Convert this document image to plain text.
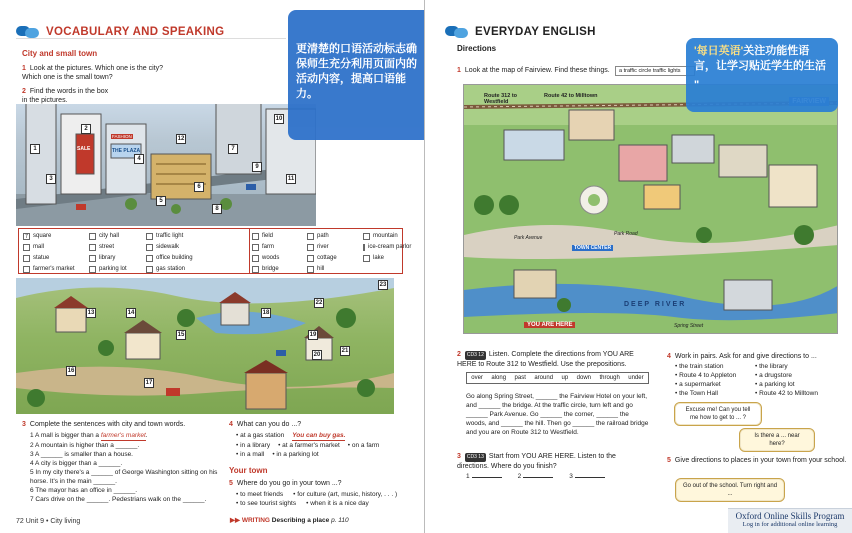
VOCABULARY AND SPEAKING
City and small town
1 Look at the pictures. Which one is the city? Which one is the small town?
2 Find the words in the box in the pictures.
SALE
FASHION
THE PLAZA
1
2
3
4
5
6
7
8
9
10
11
12
7 square	city hall	traffic light	field	path	mountain
mall	street	sidewalk	farm	river	ice-cream parlor
statue	library	office building	woods	cottage	lake
farmer's market	parking lot	gas station	bridge	hill
13	14
15
16
17
18
19
20
21
22
23
3 Complete the sentences with city and town words.
1 A mall is bigger than a farmer's market.
2 A mountain is higher than a ______.
3 A ______ is smaller than a house.
4 A city is bigger than a ______.
5 In my city there's a ______ of George Washington sitting on his horse. It's in the main ______.
6 The mayor has an office in ______.
7 Cars drive on the ______. Pedestrians walk on the ______.
4 What can you do ...?
• at a gas station You can buy gas.
• in a library • at a farmer's market • on a farm
• in a mall • in a parking lot
Your town
5 Where do you go in your town ...?
• to meet friends • for culture (art, music, history, . . . )
• to see tourist sights • when it is a nice day
▶▶ WRITING Describing a place p. 110
72 Unit 9 • City living
更清楚的口语活动标志确保师生充分利用页面内的活动内容，提高口语能力。
EVERYDAY ENGLISH
Directions
1 Look at the map of Fairview. Find these things.	a traffic circle traffic lights
Route 312 to Westfield
Route 42 to Milltown
Park Avenue
Park Road
TOWN CENTER
DEEP RIVER
YOU ARE HERE	Spring Street
2 CD3 12 Listen. Complete the directions from YOU ARE HERE to Route 312 to Westfield. Use the prepositions.
over along past around up down through under
Go along Spring Street, ______ the Fairview Hotel on your left, and ______ the bridge. At the traffic circle, turn left and go ______ Park Avenue. Go ______ the corner, ______ the woods, and ______ the hill. Then go ______ the railroad bridge and you are on Route 312 to Westfield.
3 CD3 13 Start from YOU ARE HERE. Listen to the directions. Where do you finish?
1	2	3
4 Work in pairs. Ask for and give directions to ...
• the train station	• the library
• Route 4 to Appleton	• a drugstore
• a supermarket	• a parking lot
• the Town Hall	• Route 42 to Milltown
Excuse me! Can you tell me how to get to ... ?
Is there a ... near here?
5 Give directions to places in your town from your school.
Go out of the school. Turn right and ...
'每日英语'关注功能性语言，让学习贴近学生的生活
"
Oxford Online Skills Program
Log in for additional online learning
